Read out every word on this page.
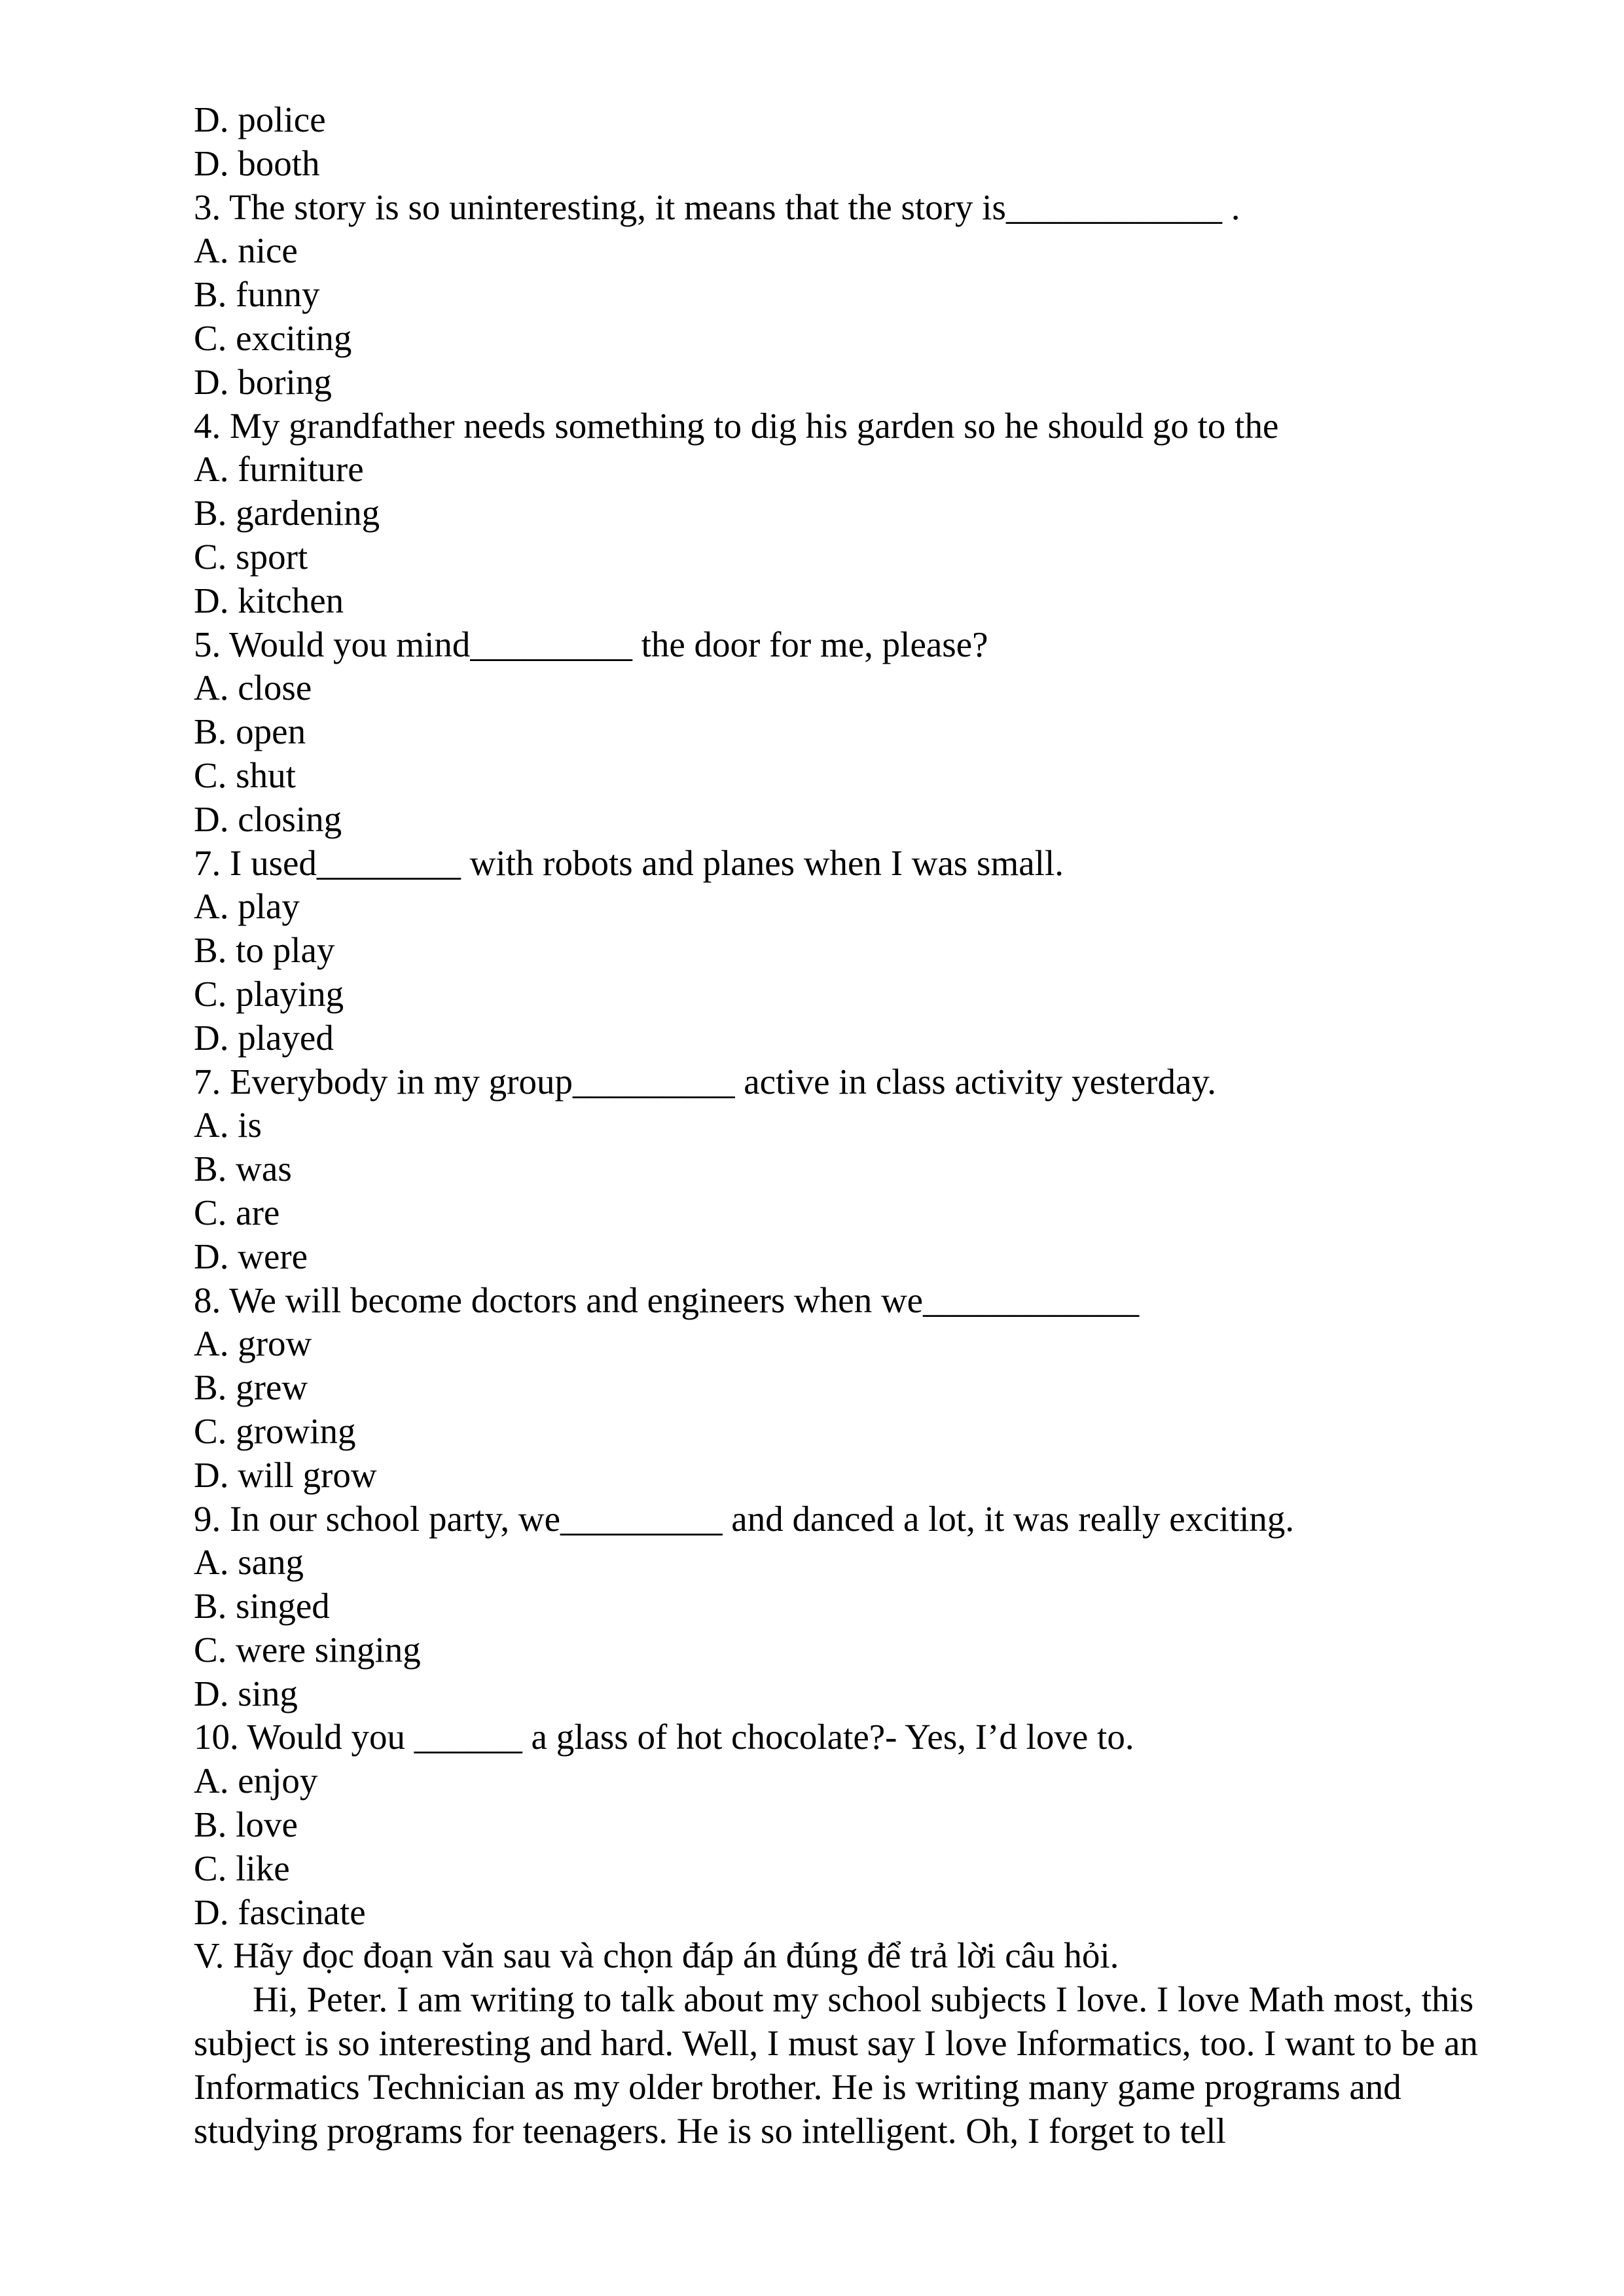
D. police
D. booth
3. The story is so uninteresting, it means that the story is____________ .
A. nice
B. funny
C. exciting
D. boring
4. My grandfather needs something to dig his garden so he should go to the
A. furniture
B. gardening
C. sport
D. kitchen
5. Would you mind_________ the door for me, please?
A. close
B. open
C. shut
D. closing
7. I used________ with robots and planes when I was small.
A. play
B. to play
C. playing
D. played
7. Everybody in my group_________ active in class activity yesterday.
A. is
B. was
C. are
D. were
8. We will become doctors and engineers when we____________
A. grow
B. grew
C. growing
D. will grow
9. In our school party, we_________ and danced a lot, it was really exciting.
A. sang
B. singed
C. were singing
D. sing
10. Would you ______ a glass of hot chocolate?- Yes, I’d love to.
A. enjoy
B. love
C. like
D. fascinate
V. Hãy đọc đoạn văn sau và chọn đáp án đúng để trả lời câu hỏi.

Hi, Peter. I am writing to talk about my school subjects I love. I love Math most, this subject is so interesting and hard. Well, I must say I love Informatics, too. I want to be an Informatics Technician as my older brother. He is writing many game programs and studying programs for teenagers. He is so intelligent. Oh, I forget to tell
